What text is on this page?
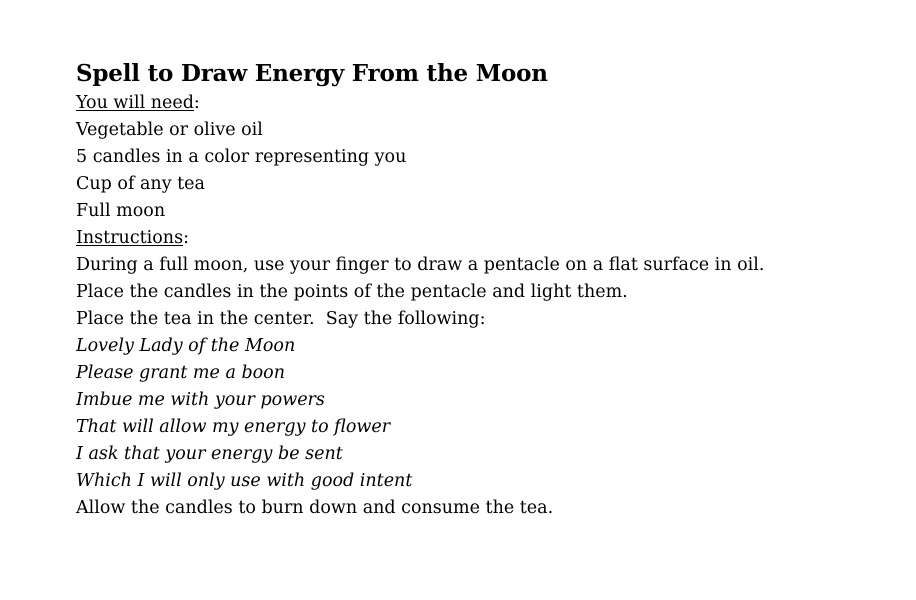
Spell to Draw Energy From the Moon
You will need:
Vegetable or olive oil
5 candles in a color representing you
Cup of any tea
Full moon
Instructions:
During a full moon, use your finger to draw a pentacle on a flat surface in oil.
Place the candles in the points of the pentacle and light them.
Place the tea in the center.  Say the following:
Lovely Lady of the Moon
Please grant me a boon
Imbue me with your powers
That will allow my energy to flower
I ask that your energy be sent
Which I will only use with good intent
Allow the candles to burn down and consume the tea.
